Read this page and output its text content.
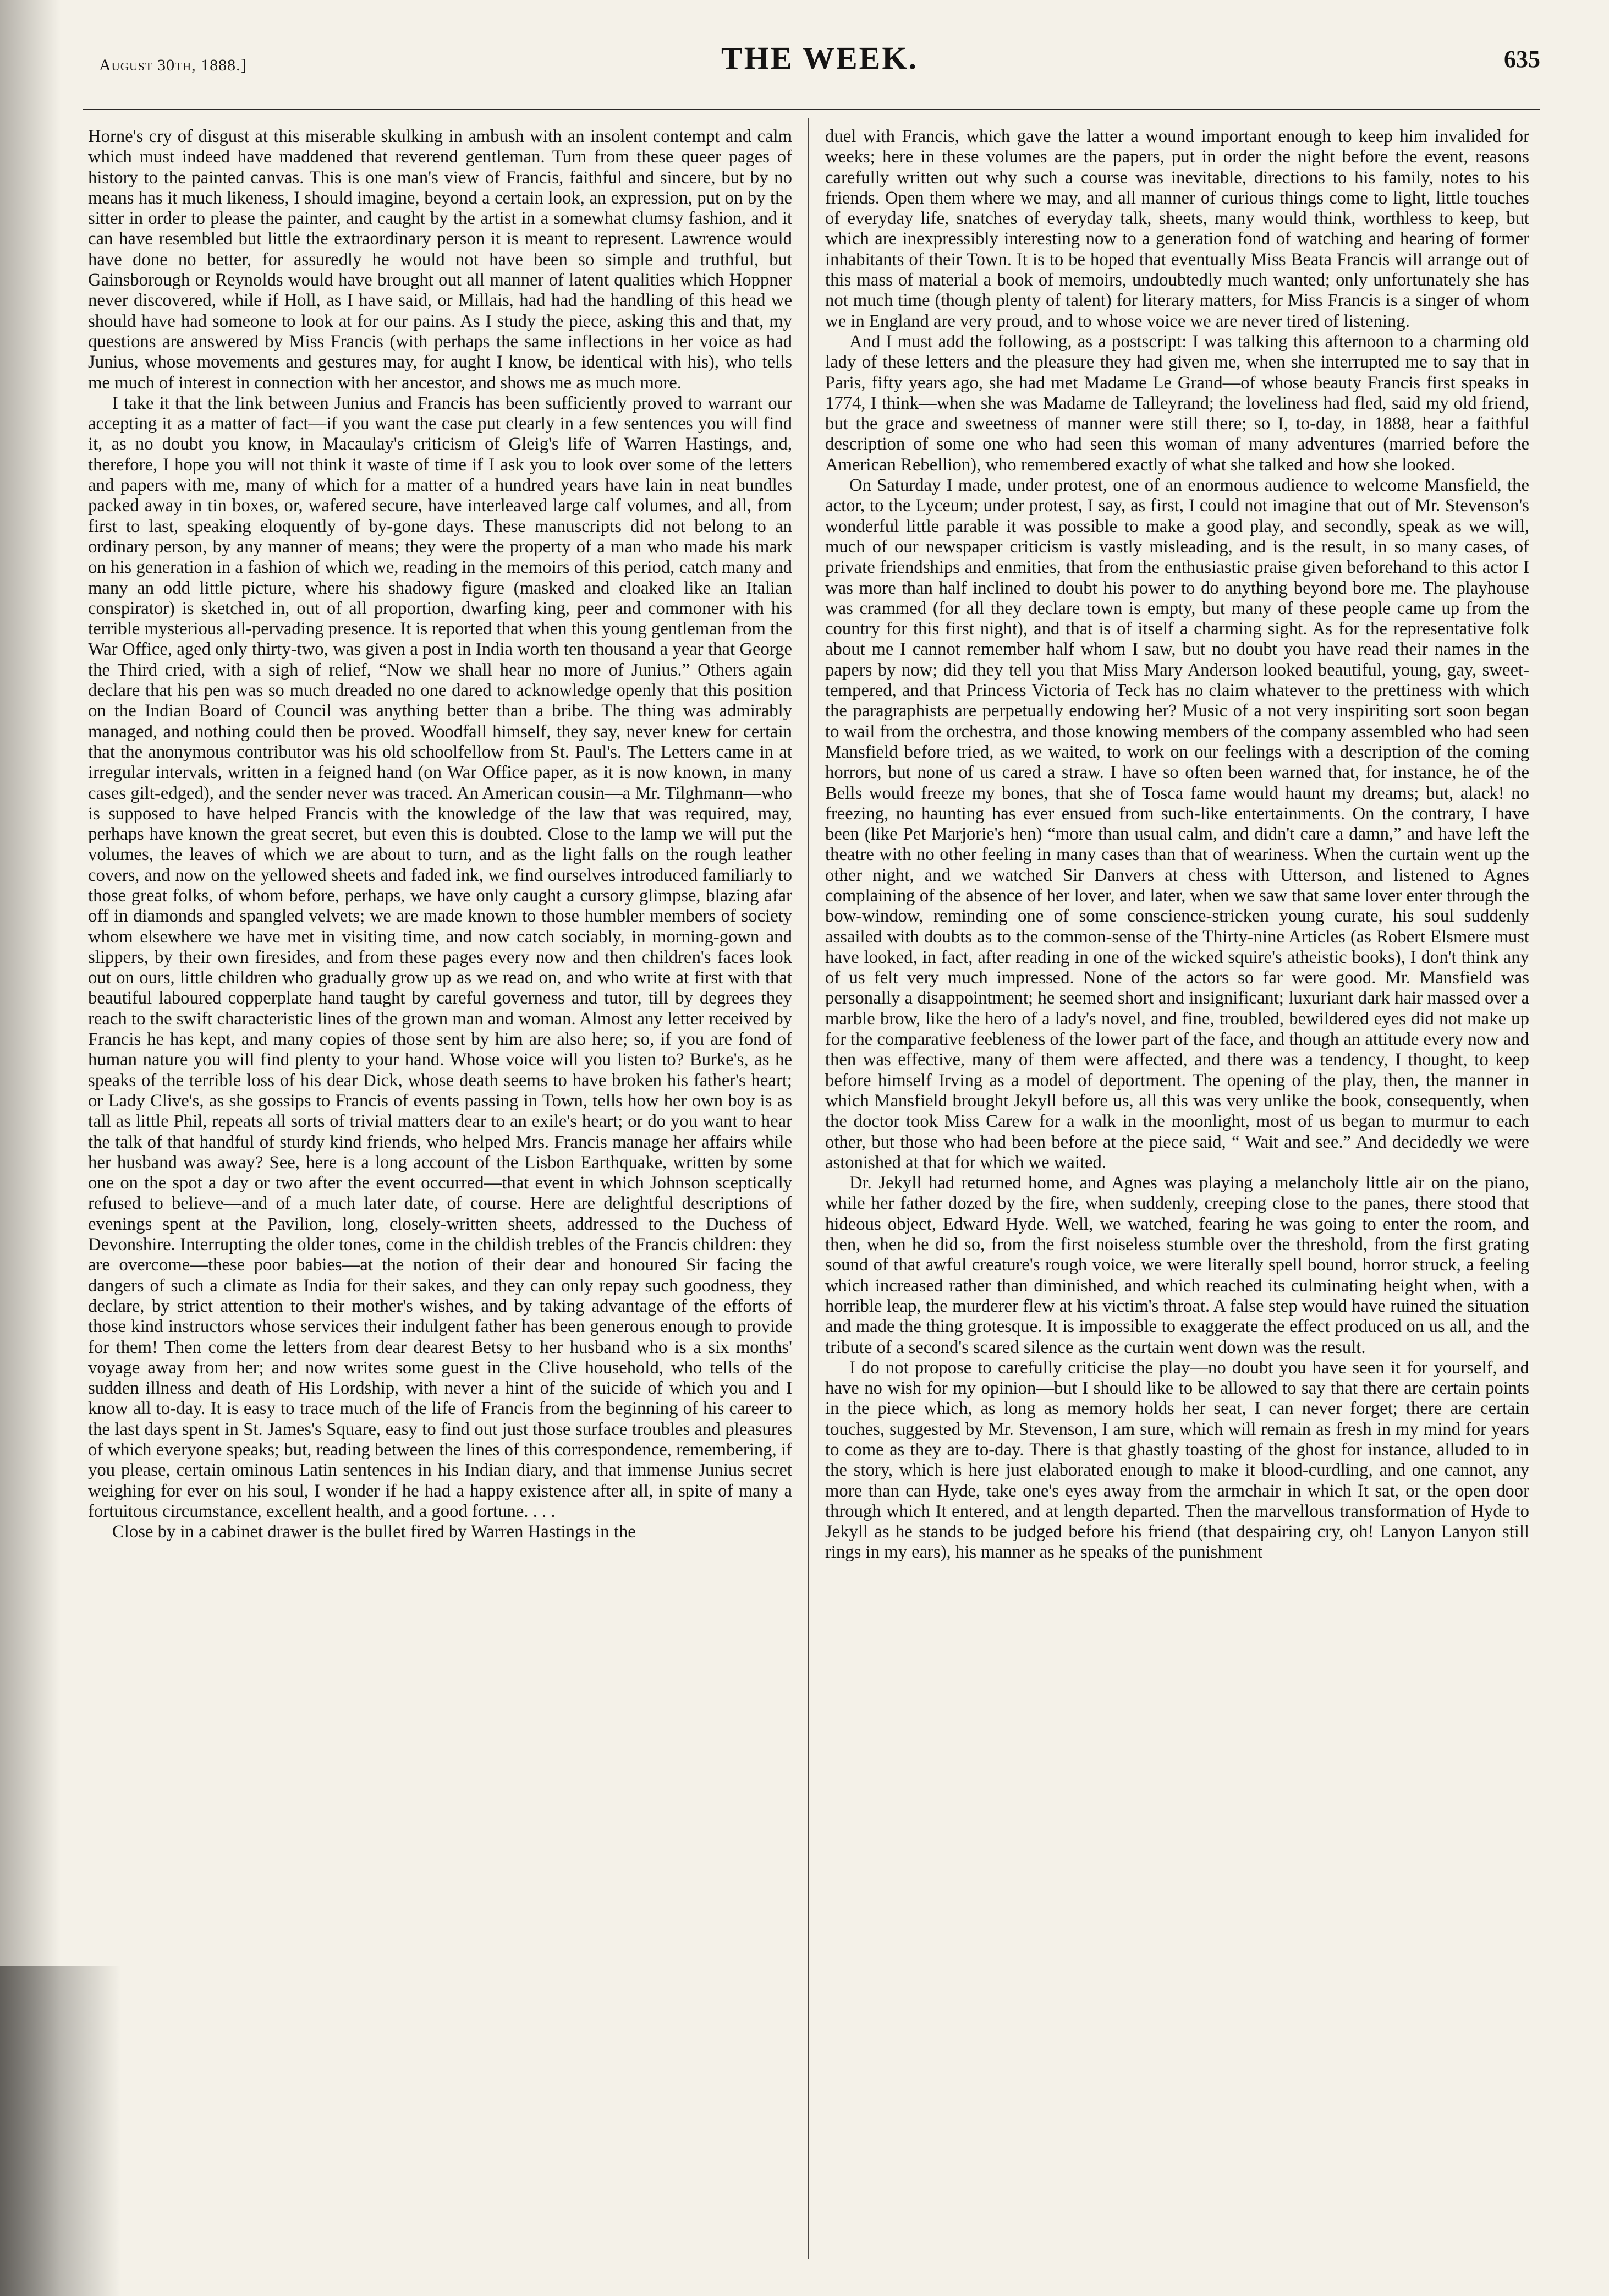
August 30th, 1888.]	THE WEEK.	635

Horne's cry of disgust at this miserable skulking in ambush with an insolent contempt and calm which must indeed have maddened that reverend gentleman. Turn from these queer pages of history to the painted canvas. This is one man's view of Francis, faithful and sincere, but by no means has it much likeness, I should imagine, beyond a certain look, an expression, put on by the sitter in order to please the painter, and caught by the artist in a somewhat clumsy fashion, and it can have resembled but little the extraordinary person it is meant to represent. Lawrence would have done no better, for assuredly he would not have been so simple and truthful, but Gainsborough or Reynolds would have brought out all manner of latent qualities which Hoppner never discovered, while if Holl, as I have said, or Millais, had had the handling of this head we should have had someone to look at for our pains. As I study the piece, asking this and that, my questions are answered by Miss Francis (with perhaps the same inflections in her voice as had Junius, whose movements and gestures may, for aught I know, be identical with his), who tells me much of interest in connection with her ancestor, and shows me as much more.

I take it that the link between Junius and Francis has been sufficiently proved to warrant our accepting it as a matter of fact—if you want the case put clearly in a few sentences you will find it, as no doubt you know, in Macaulay's criticism of Gleig's life of Warren Hastings, and, therefore, I hope you will not think it waste of time if I ask you to look over some of the letters and papers with me, many of which for a matter of a hundred years have lain in neat bundles packed away in tin boxes, or, wafered secure, have interleaved large calf volumes, and all, from first to last, speaking eloquently of by-gone days. These manuscripts did not belong to an ordinary person, by any manner of means; they were the property of a man who made his mark on his generation in a fashion of which we, reading in the memoirs of this period, catch many and many an odd little picture, where his shadowy figure (masked and cloaked like an Italian conspirator) is sketched in, out of all proportion, dwarfing king, peer and commoner with his terrible mysterious all-pervading presence. It is reported that when this young gentleman from the War Office, aged only thirty-two, was given a post in India worth ten thousand a year that George the Third cried, with a sigh of relief, “Now we shall hear no more of Junius.” Others again declare that his pen was so much dreaded no one dared to acknowledge openly that this position on the Indian Board of Council was anything better than a bribe. The thing was admirably managed, and nothing could then be proved. Woodfall himself, they say, never knew for certain that the anonymous contributor was his old schoolfellow from St. Paul's. The Letters came in at irregular intervals, written in a feigned hand (on War Office paper, as it is now known, in many cases gilt-edged), and the sender never was traced. An American cousin—a Mr. Tilghmann—who is supposed to have helped Francis with the knowledge of the law that was required, may, perhaps have known the great secret, but even this is doubted. Close to the lamp we will put the volumes, the leaves of which we are about to turn, and as the light falls on the rough leather covers, and now on the yellowed sheets and faded ink, we find ourselves introduced familiarly to those great folks, of whom before, perhaps, we have only caught a cursory glimpse, blazing afar off in diamonds and spangled velvets; we are made known to those humbler members of society whom elsewhere we have met in visiting time, and now catch sociably, in morning-gown and slippers, by their own firesides, and from these pages every now and then children's faces look out on ours, little children who gradually grow up as we read on, and who write at first with that beautiful laboured copperplate hand taught by careful governess and tutor, till by degrees they reach to the swift characteristic lines of the grown man and woman. Almost any letter received by Francis he has kept, and many copies of those sent by him are also here; so, if you are fond of human nature you will find plenty to your hand. Whose voice will you listen to? Burke's, as he speaks of the terrible loss of his dear Dick, whose death seems to have broken his father's heart; or Lady Clive's, as she gossips to Francis of events passing in Town, tells how her own boy is as tall as little Phil, repeats all sorts of trivial matters dear to an exile's heart; or do you want to hear the talk of that handful of sturdy kind friends, who helped Mrs. Francis manage her affairs while her husband was away? See, here is a long account of the Lisbon Earthquake, written by some one on the spot a day or two after the event occurred—that event in which Johnson sceptically refused to believe—and of a much later date, of course. Here are delightful descriptions of evenings spent at the Pavilion, long, closely-written sheets, addressed to the Duchess of Devonshire. Interrupting the older tones, come in the childish trebles of the Francis children: they are overcome—these poor babies—at the notion of their dear and honoured Sir facing the dangers of such a climate as India for their sakes, and they can only repay such goodness, they declare, by strict attention to their mother's wishes, and by taking advantage of the efforts of those kind instructors whose services their indulgent father has been generous enough to provide for them! Then come the letters from dear dearest Betsy to her husband who is a six months' voyage away from her; and now writes some guest in the Clive household, who tells of the sudden illness and death of His Lordship, with never a hint of the suicide of which you and I know all to-day. It is easy to trace much of the life of Francis from the beginning of his career to the last days spent in St. James's Square, easy to find out just those surface troubles and pleasures of which everyone speaks; but, reading between the lines of this correspondence, remembering, if you please, certain ominous Latin sentences in his Indian diary, and that immense Junius secret weighing for ever on his soul, I wonder if he had a happy existence after all, in spite of many a fortuitous circumstance, excellent health, and a good fortune. . . .

Close by in a cabinet drawer is the bullet fired by Warren Hastings in the

duel with Francis, which gave the latter a wound important enough to keep him invalided for weeks; here in these volumes are the papers, put in order the night before the event, reasons carefully written out why such a course was inevitable, directions to his family, notes to his friends. Open them where we may, and all manner of curious things come to light, little touches of everyday life, snatches of everyday talk, sheets, many would think, worthless to keep, but which are inexpressibly interesting now to a generation fond of watching and hearing of former inhabitants of their Town. It is to be hoped that eventually Miss Beata Francis will arrange out of this mass of material a book of memoirs, undoubtedly much wanted; only unfortunately she has not much time (though plenty of talent) for literary matters, for Miss Francis is a singer of whom we in England are very proud, and to whose voice we are never tired of listening.

And I must add the following, as a postscript: I was talking this afternoon to a charming old lady of these letters and the pleasure they had given me, when she interrupted me to say that in Paris, fifty years ago, she had met Madame Le Grand—of whose beauty Francis first speaks in 1774, I think—when she was Madame de Talleyrand; the loveliness had fled, said my old friend, but the grace and sweetness of manner were still there; so I, to-day, in 1888, hear a faithful description of some one who had seen this woman of many adventures (married before the American Rebellion), who remembered exactly of what she talked and how she looked.

On Saturday I made, under protest, one of an enormous audience to welcome Mansfield, the actor, to the Lyceum; under protest, I say, as first, I could not imagine that out of Mr. Stevenson's wonderful little parable it was possible to make a good play, and secondly, speak as we will, much of our newspaper criticism is vastly misleading, and is the result, in so many cases, of private friendships and enmities, that from the enthusiastic praise given beforehand to this actor I was more than half inclined to doubt his power to do anything beyond bore me. The playhouse was crammed (for all they declare town is empty, but many of these people came up from the country for this first night), and that is of itself a charming sight. As for the representative folk about me I cannot remember half whom I saw, but no doubt you have read their names in the papers by now; did they tell you that Miss Mary Anderson looked beautiful, young, gay, sweet-tempered, and that Princess Victoria of Teck has no claim whatever to the prettiness with which the paragraphists are perpetually endowing her? Music of a not very inspiriting sort soon began to wail from the orchestra, and those knowing members of the company assembled who had seen Mansfield before tried, as we waited, to work on our feelings with a description of the coming horrors, but none of us cared a straw. I have so often been warned that, for instance, he of the Bells would freeze my bones, that she of Tosca fame would haunt my dreams; but, alack! no freezing, no haunting has ever ensued from such-like entertainments. On the contrary, I have been (like Pet Marjorie's hen) “more than usual calm, and didn't care a damn,” and have left the theatre with no other feeling in many cases than that of weariness. When the curtain went up the other night, and we watched Sir Danvers at chess with Utterson, and listened to Agnes complaining of the absence of her lover, and later, when we saw that same lover enter through the bow-window, reminding one of some conscience-stricken young curate, his soul suddenly assailed with doubts as to the common-sense of the Thirty-nine Articles (as Robert Elsmere must have looked, in fact, after reading in one of the wicked squire's atheistic books), I don't think any of us felt very much impressed. None of the actors so far were good. Mr. Mansfield was personally a disappointment; he seemed short and insignificant; luxuriant dark hair massed over a marble brow, like the hero of a lady's novel, and fine, troubled, bewildered eyes did not make up for the comparative feebleness of the lower part of the face, and though an attitude every now and then was effective, many of them were affected, and there was a tendency, I thought, to keep before himself Irving as a model of deportment. The opening of the play, then, the manner in which Mansfield brought Jekyll before us, all this was very unlike the book, consequently, when the doctor took Miss Carew for a walk in the moonlight, most of us began to murmur to each other, but those who had been before at the piece said, “ Wait and see.” And decidedly we were astonished at that for which we waited.

Dr. Jekyll had returned home, and Agnes was playing a melancholy little air on the piano, while her father dozed by the fire, when suddenly, creeping close to the panes, there stood that hideous object, Edward Hyde. Well, we watched, fearing he was going to enter the room, and then, when he did so, from the first noiseless stumble over the threshold, from the first grating sound of that awful creature's rough voice, we were literally spell bound, horror struck, a feeling which increased rather than diminished, and which reached its culminating height when, with a horrible leap, the murderer flew at his victim's throat. A false step would have ruined the situation and made the thing grotesque. It is impossible to exaggerate the effect produced on us all, and the tribute of a second's scared silence as the curtain went down was the result.

I do not propose to carefully criticise the play—no doubt you have seen it for yourself, and have no wish for my opinion—but I should like to be allowed to say that there are certain points in the piece which, as long as memory holds her seat, I can never forget; there are certain touches, suggested by Mr. Stevenson, I am sure, which will remain as fresh in my mind for years to come as they are to-day. There is that ghastly toasting of the ghost for instance, alluded to in the story, which is here just elaborated enough to make it blood-curdling, and one cannot, any more than can Hyde, take one's eyes away from the armchair in which It sat, or the open door through which It entered, and at length departed. Then the marvellous transformation of Hyde to Jekyll as he stands to be judged before his friend (that despairing cry, oh! Lanyon Lanyon still rings in my ears), his manner as he speaks of the punishment
